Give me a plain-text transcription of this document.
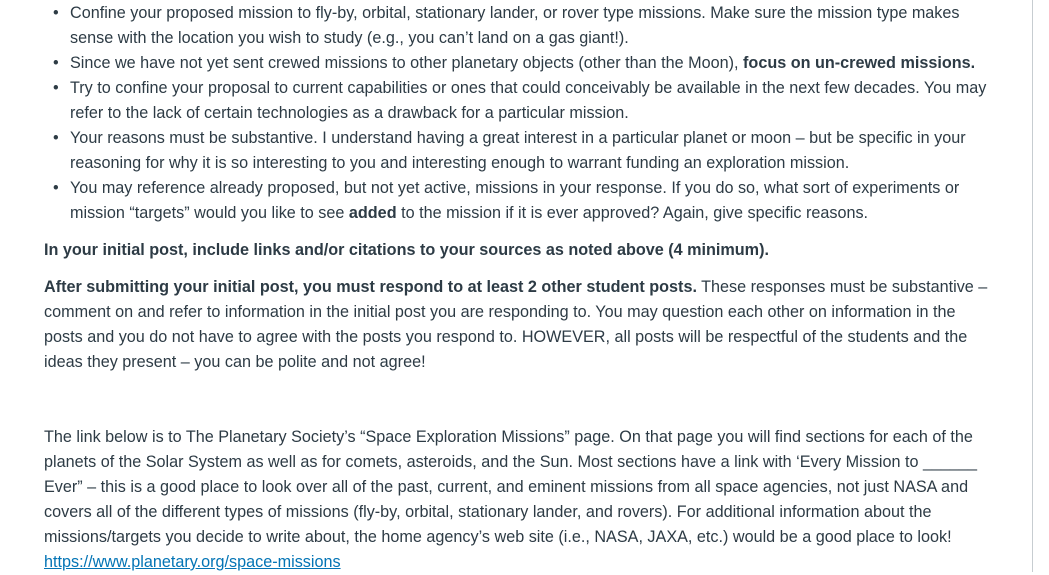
• Confine your proposed mission to fly-by, orbital, stationary lander, or rover type missions. Make sure the mission type makes sense with the location you wish to study (e.g., you can’t land on a gas giant!).
• Since we have not yet sent crewed missions to other planetary objects (other than the Moon), focus on un-crewed missions.
• Try to confine your proposal to current capabilities or ones that could conceivably be available in the next few decades. You may refer to the lack of certain technologies as a drawback for a particular mission.
• Your reasons must be substantive. I understand having a great interest in a particular planet or moon – but be specific in your reasoning for why it is so interesting to you and interesting enough to warrant funding an exploration mission.
• You may reference already proposed, but not yet active, missions in your response. If you do so, what sort of experiments or mission “targets” would you like to see added to the mission if it is ever approved? Again, give specific reasons.

In your initial post, include links and/or citations to your sources as noted above (4 minimum).

After submitting your initial post, you must respond to at least 2 other student posts. These responses must be substantive – comment on and refer to information in the initial post you are responding to. You may question each other on information in the posts and you do not have to agree with the posts you respond to. HOWEVER, all posts will be respectful of the students and the ideas they present – you can be polite and not agree!

The link below is to The Planetary Society’s “Space Exploration Missions” page. On that page you will find sections for each of the planets of the Solar System as well as for comets, asteroids, and the Sun. Most sections have a link with ‘Every Mission to ______ Ever” – this is a good place to look over all of the past, current, and eminent missions from all space agencies, not just NASA and covers all of the different types of missions (fly-by, orbital, stationary lander, and rovers). For additional information about the missions/targets you decide to write about, the home agency’s web site (i.e., NASA, JAXA, etc.) would be a good place to look!

https://www.planetary.org/space-missions
